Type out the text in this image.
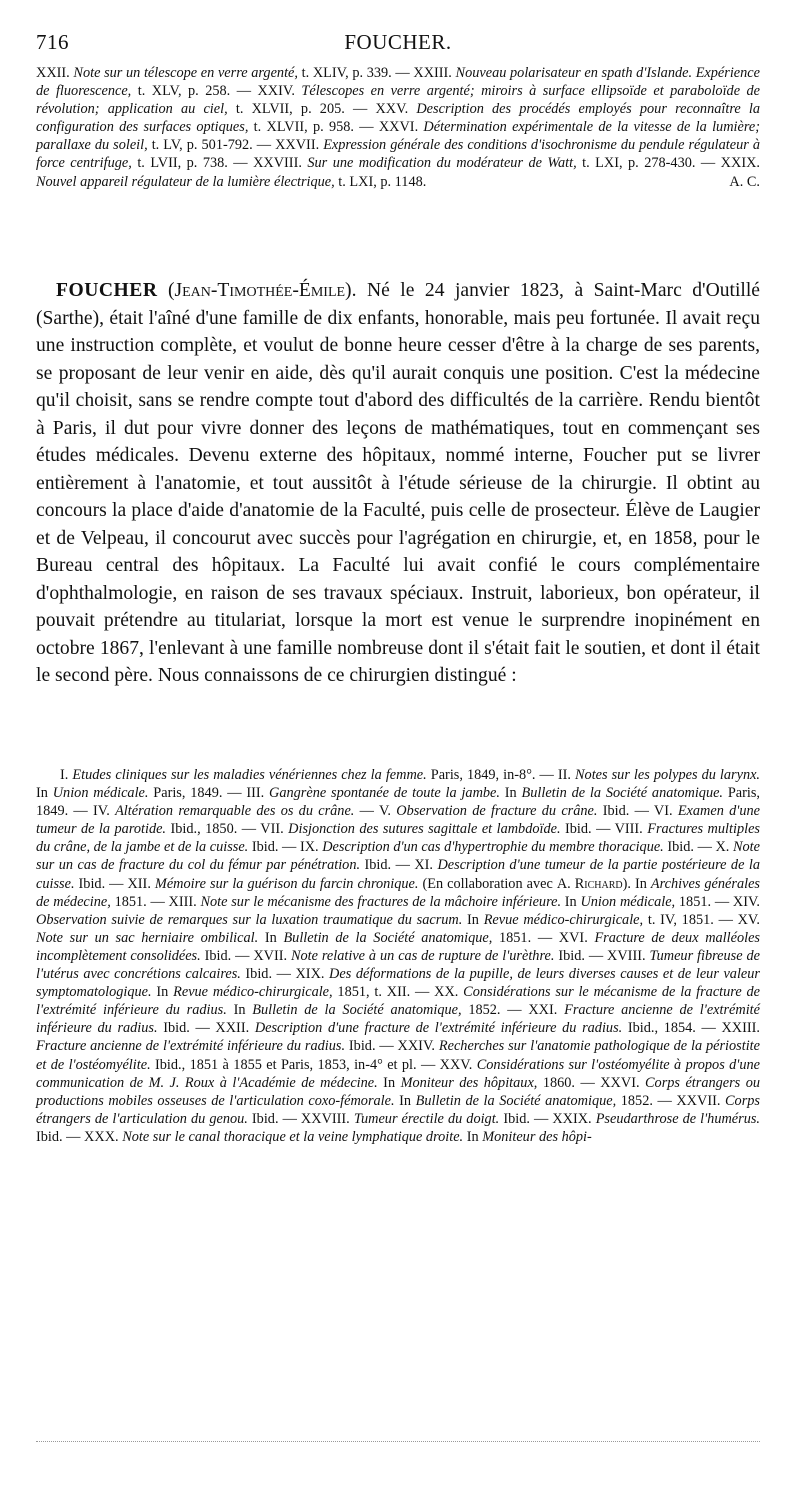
716	FOUCHER.
XXII. Note sur un télescope en verre argenté, t. XLIV, p. 339. — XXIII. Nouveau polarisateur en spath d'Islande. Expérience de fluorescence, t. XLV, p. 258. — XXIV. Télescopes en verre argenté; miroirs à surface ellipsoïde et paraboloïde de révolution; application au ciel, t. XLVII, p. 205. — XXV. Description des procédés employés pour reconnaître la configuration des surfaces optiques, t. XLVII, p. 958. — XXVI. Détermination expérimentale de la vitesse de la lumière; parallaxe du soleil, t. LV, p. 501-792. — XXVII. Expression générale des conditions d'isochronisme du pendule régulateur à force centrifuge, t. LVII, p. 738. — XXVIII. Sur une modification du modérateur de Watt, t. LXI, p. 278-430. — XXIX. Nouvel appareil régulateur de la lumière électrique, t. LXI, p. 1148.	A. C.
FOUCHER (Jean-Timothée-Émile). Né le 24 janvier 1823, à Saint-Marc d'Outillé (Sarthe), était l'aîné d'une famille de dix enfants, honorable, mais peu fortunée. Il avait reçu une instruction complète, et voulut de bonne heure cesser d'être à la charge de ses parents, se proposant de leur venir en aide, dès qu'il aurait conquis une position. C'est la médecine qu'il choisit, sans se rendre compte tout d'abord des difficultés de la carrière. Rendu bientôt à Paris, il dut pour vivre donner des leçons de mathématiques, tout en commençant ses études médicales. Devenu externe des hôpitaux, nommé interne, Foucher put se livrer entièrement à l'anatomie, et tout aussitôt à l'étude sérieuse de la chirurgie. Il obtint au concours la place d'aide d'anatomie de la Faculté, puis celle de prosecteur. Élève de Laugier et de Velpeau, il concourut avec succès pour l'agrégation en chirurgie, et, en 1858, pour le Bureau central des hôpitaux. La Faculté lui avait confié le cours complémentaire d'ophthalmologie, en raison de ses travaux spéciaux. Instruit, laborieux, bon opérateur, il pouvait prétendre au titulariat, lorsque la mort est venue le surprendre inopinément en octobre 1867, l'enlevant à une famille nombreuse dont il s'était fait le soutien, et dont il était le second père. Nous connaissons de ce chirurgien distingué :
I. Etudes cliniques sur les maladies vénériennes chez la femme. Paris, 1849, in-8°. — II. Notes sur les polypes du larynx. In Union médicale. Paris, 1849. — III. Gangrène spontanée de toute la jambe. In Bulletin de la Société anatomique. Paris, 1849. — IV. Altération remarquable des os du crâne. — V. Observation de fracture du crâne. Ibid. — VI. Examen d'une tumeur de la parotide. Ibid., 1850. — VII. Disjonction des sutures sagittale et lambdoïde. Ibid. — VIII. Fractures multiples du crâne, de la jambe et de la cuisse. Ibid. — IX. Description d'un cas d'hypertrophie du membre thoracique. Ibid. — X. Note sur un cas de fracture du col du fémur par pénétration. Ibid. — XI. Description d'une tumeur de la partie postérieure de la cuisse. Ibid. — XII. Mémoire sur la guérison du farcin chronique. (En collaboration avec A. Richard). In Archives générales de médecine, 1851. — XIII. Note sur le mécanisme des fractures de la mâchoire inférieure. In Union médicale, 1851. — XIV. Observation suivie de remarques sur la luxation traumatique du sacrum. In Revue médico-chirurgicale, t. IV, 1851. — XV. Note sur un sac herniaire ombilical. In Bulletin de la Société anatomique, 1851. — XVI. Fracture de deux malléoles incomplètement consolidées. Ibid. — XVII. Note relative à un cas de rupture de l'urèthre. Ibid. — XVIII. Tumeur fibreuse de l'utérus avec concrétions calcaires. Ibid. — XIX. Des déformations de la pupille, de leurs diverses causes et de leur valeur symptomatologique. In Revue médico-chirurgicale, 1851, t. XII. — XX. Considérations sur le mécanisme de la fracture de l'extrémité inférieure du radius. In Bulletin de la Société anatomique, 1852. — XXI. Fracture ancienne de l'extrémité inférieure du radius. Ibid. — XXII. Description d'une fracture de l'extrémité inférieure du radius. Ibid., 1854. — XXIII. Fracture ancienne de l'extrémité inférieure du radius. Ibid. — XXIV. Recherches sur l'anatomie pathologique de la périostite et de l'ostéomyélite. Ibid., 1851 à 1855 et Paris, 1853, in-4° et pl. — XXV. Considérations sur l'ostéomyélite à propos d'une communication de M. J. Roux à l'Académie de médecine. In Moniteur des hôpitaux, 1860. — XXVI. Corps étrangers ou productions mobiles osseuses de l'articulation coxo-fémorale. In Bulletin de la Société anatomique, 1852. — XXVII. Corps étrangers de l'articulation du genou. Ibid. — XXVIII. Tumeur érectile du doigt. Ibid. — XXIX. Pseudarthrose de l'humérus. Ibid. — XXX. Note sur le canal thoracique et la veine lymphatique droite. In Moniteur des hôpi-
